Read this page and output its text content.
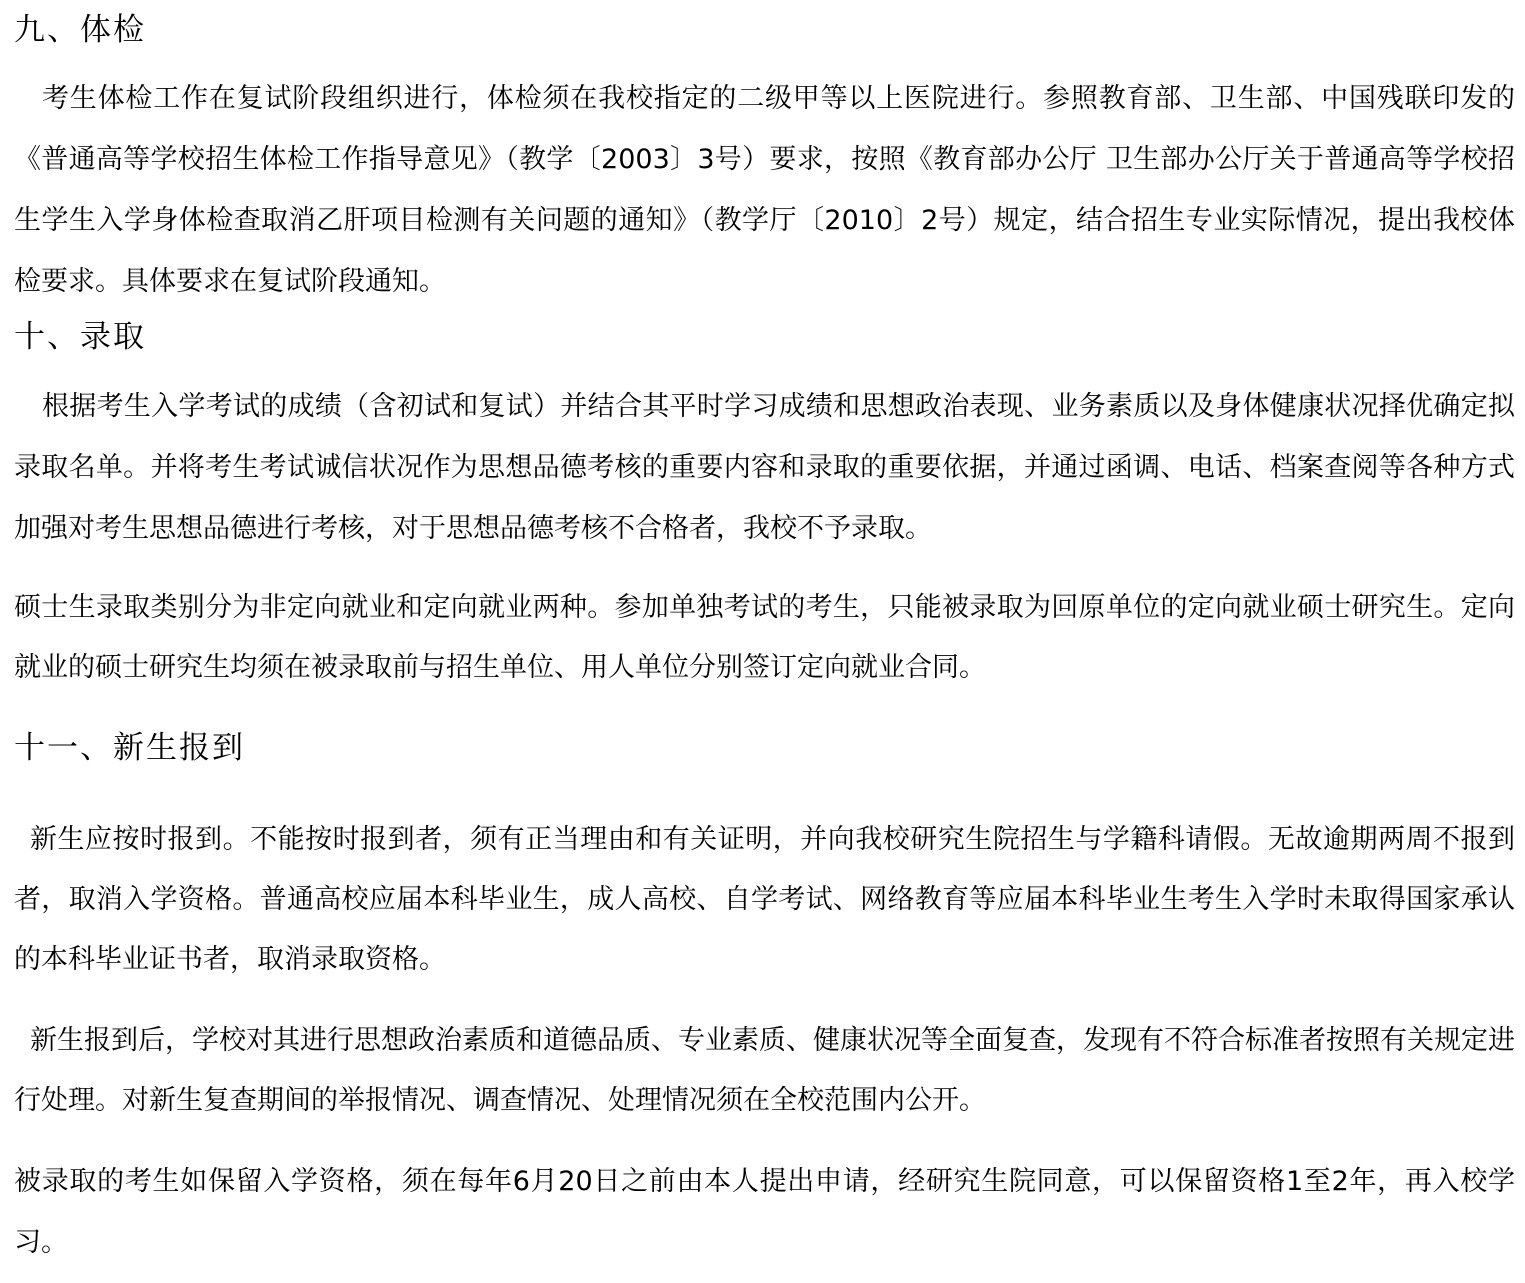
九、体检

考生体检工作在复试阶段组织进行，体检须在我校指定的二级甲等以上医院进行。参照教育部、卫生部、中国残联印发的《普通高等学校招生体检工作指导意见》（教学〔2003〕3号）要求，按照《教育部办公厅 卫生部办公厅关于普通高等学校招生学生入学身体检查取消乙肝项目检测有关问题的通知》（教学厅〔2010〕2号）规定，结合招生专业实际情况，提出我校体检要求。具体要求在复试阶段通知。

十、录取

根据考生入学考试的成绩（含初试和复试）并结合其平时学习成绩和思想政治表现、业务素质以及身体健康状况择优确定拟录取名单。并将考生考试诚信状况作为思想品德考核的重要内容和录取的重要依据，并通过函调、电话、档案查阅等各种方式加强对考生思想品德进行考核，对于思想品德考核不合格者，我校不予录取。

硕士生录取类别分为非定向就业和定向就业两种。参加单独考试的考生，只能被录取为回原单位的定向就业硕士研究生。定向就业的硕士研究生均须在被录取前与招生单位、用人单位分别签订定向就业合同。

十一、新生报到

新生应按时报到。不能按时报到者，须有正当理由和有关证明，并向我校研究生院招生与学籍科请假。无故逾期两周不报到者，取消入学资格。普通高校应届本科毕业生，成人高校、自学考试、网络教育等应届本科毕业生考生入学时未取得国家承认的本科毕业证书者，取消录取资格。

新生报到后，学校对其进行思想政治素质和道德品质、专业素质、健康状况等全面复查，发现有不符合标准者按照有关规定进行处理。对新生复查期间的举报情况、调查情况、处理情况须在全校范围内公开。

被录取的考生如保留入学资格，须在每年6月20日之前由本人提出申请，经研究生院同意，可以保留资格1至2年，再入校学习。
